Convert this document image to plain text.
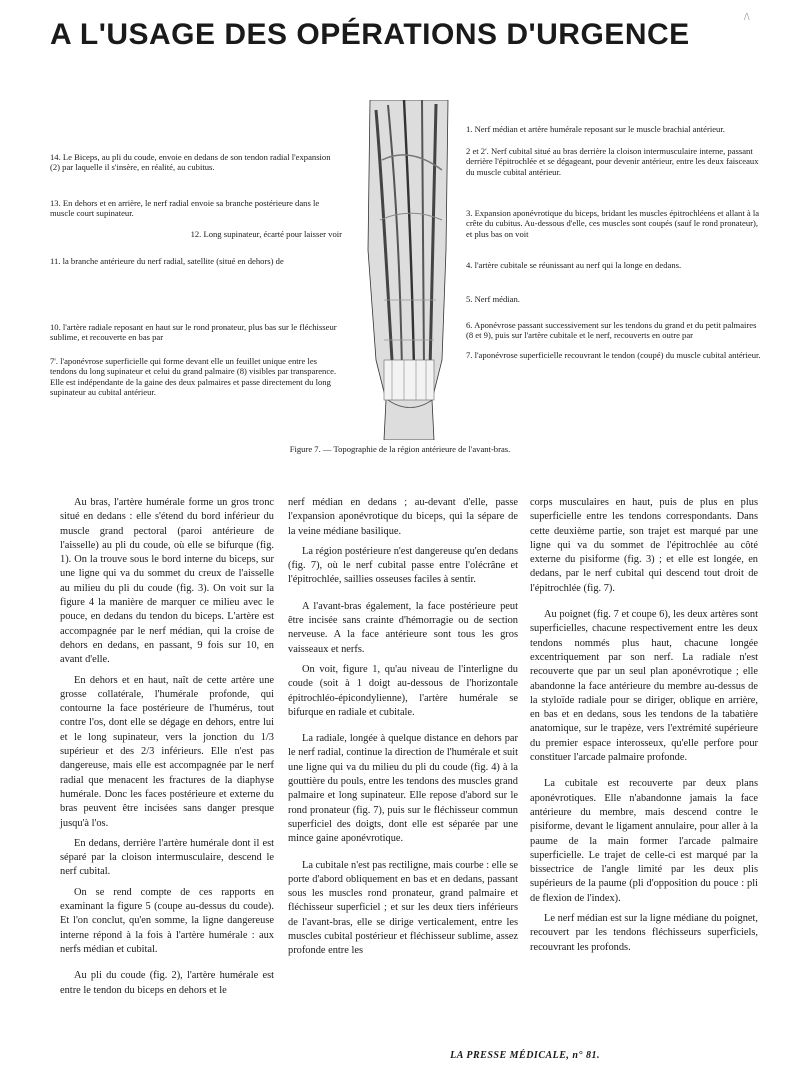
A L'USAGE DES OPÉRATIONS D'URGENCE
/\
14. Le Biceps, au pli du coude, envoie en dedans de son tendon radial l'expansion (2) par laquelle il s'insère, en réalité, au cubitus.
13. En dehors et en arrière, le nerf radial envoie sa branche postérieure dans le muscle court supinateur.
12. Long supinateur, écarté pour laisser voir
11. la branche antérieure du nerf radial, satellite (situé en dehors) de
10. l'artère radiale reposant en haut sur le rond pronateur, plus bas sur le fléchisseur sublime, et recouverte en bas par
7'. l'aponévrose superficielle qui forme devant elle un feuillet unique entre les tendons du long supinateur et celui du grand palmaire (8) visibles par transparence. Elle est indépendante de la gaine des deux palmaires et passe directement du long supinateur au cubital antérieur.
1. Nerf médian et artère humérale reposant sur le muscle brachial antérieur.
2 et 2'. Nerf cubital situé au bras derrière la cloison intermusculaire interne, passant derrière l'épitrochlée et se dégageant, pour devenir antérieur, entre les deux faisceaux du muscle cubital antérieur.
3. Expansion aponévrotique du biceps, bridant les muscles épitrochléens et allant à la crête du cubitus. Au-dessous d'elle, ces muscles sont coupés (sauf le rond pronateur), et plus bas on voit
4. l'artère cubitale se réunissant au nerf qui la longe en dedans.
5. Nerf médian.
6. Aponévrose passant successivement sur les tendons du grand et du petit palmaires (8 et 9), puis sur l'artère cubitale et le nerf, recouverts en outre par
7. l'aponévrose superficielle recouvrant le tendon (coupé) du muscle cubital antérieur.
Figure 7. — Topographie de la région antérieure de l'avant-bras.

Au bras, l'artère humérale forme un gros tronc situé en dedans : elle s'étend du bord inférieur du muscle grand pectoral (paroi antérieure de l'aisselle) au pli du coude, où elle se bifurque (fig. 1). On la trouve sous le bord interne du biceps, sur une ligne qui va du sommet du creux de l'aisselle au milieu du pli du coude (fig. 3). On voit sur la figure 4 la manière de marquer ce milieu avec le pouce, en dedans du tendon du biceps. L'artère est accompagnée par le nerf médian, qui la croise de dehors en dedans, en passant, 9 fois sur 10, en avant d'elle.

En dehors et en haut, naît de cette artère une grosse collatérale, l'humérale profonde, qui contourne la face postérieure de l'humérus, tout contre l'os, dont elle se dégage en dehors, entre lui et le long supinateur, vers la jonction du 1/3 supérieur et des 2/3 inférieurs. Elle n'est pas dangereuse, mais elle est accompagnée par le nerf radial que menacent les fractures de la diaphyse humérale. Donc les faces postérieure et externe du bras peuvent être incisées sans danger presque jusqu'à l'os.

En dedans, derrière l'artère humérale dont il est séparé par la cloison intermusculaire, descend le nerf cubital.

On se rend compte de ces rapports en examinant la figure 5 (coupe au-dessus du coude). Et l'on conclut, qu'en somme, la ligne dangereuse interne répond à la fois à l'artère humérale : aux nerfs médian et cubital.

Au pli du coude (fig. 2), l'artère humérale est entre le tendon du biceps en dehors et le

nerf médian en dedans ; au-devant d'elle, passe l'expansion aponévrotique du biceps, qui la sépare de la veine médiane basilique.

La région postérieure n'est dangereuse qu'en dedans (fig. 7), où le nerf cubital passe entre l'olécrâne et l'épitrochlée, saillies osseuses faciles à sentir.

A l'avant-bras également, la face postérieure peut être incisée sans crainte d'hémorragie ou de section nerveuse. A la face antérieure sont tous les gros vaisseaux et nerfs.

On voit, figure 1, qu'au niveau de l'interligne du coude (soit à 1 doigt au-dessous de l'horizontale épitrochléo-épicondylienne), l'artère humérale se bifurque en radiale et cubitale.

La radiale, longée à quelque distance en dehors par le nerf radial, continue la direction de l'humérale et suit une ligne qui va du milieu du pli du coude (fig. 4) à la gouttière du pouls, entre les tendons des muscles grand palmaire et long supinateur. Elle repose d'abord sur le rond pronateur (fig. 7), puis sur le fléchisseur commun superficiel des doigts, dont elle est séparée par une mince gaine aponévrotique.

La cubitale n'est pas rectiligne, mais courbe : elle se porte d'abord obliquement en bas et en dedans, passant sous les muscles rond pronateur, grand palmaire et fléchisseur superficiel ; et sur les deux tiers inférieurs de l'avant-bras, elle se dirige verticalement, entre les muscles cubital postérieur et fléchisseur sublime, assez profonde entre les

corps musculaires en haut, puis de plus en plus superficielle entre les tendons correspondants. Dans cette deuxième partie, son trajet est marqué par une ligne qui va du sommet de l'épitrochlée au côté externe du pisiforme (fig. 3) ; et elle est longée, en dedans, par le nerf cubital qui descend tout droit de l'épitrochlée (fig. 7).

Au poignet (fig. 7 et coupe 6), les deux artères sont superficielles, chacune respectivement entre les deux tendons nommés plus haut, chacune longée excentriquement par son nerf. La radiale n'est recouverte que par un seul plan aponévrotique ; elle abandonne la face antérieure du membre au-dessus de la styloïde radiale pour se diriger, oblique en arrière, en bas et en dedans, sous les tendons de la tabatière anatomique, sur le trapèze, vers l'extrémité supérieure du premier espace interosseux, qu'elle perfore pour constituer l'arcade palmaire profonde.

La cubitale est recouverte par deux plans aponévrotiques. Elle n'abandonne jamais la face antérieure du membre, mais descend contre le pisiforme, devant le ligament annulaire, pour aller à la paume de la main former l'arcade palmaire superficielle. Le trajet de celle-ci est marqué par la bissectrice de l'angle limité par les deux plis supérieurs de la paume (pli d'opposition du pouce : pli de flexion de l'index).

Le nerf médian est sur la ligne médiane du poignet, recouvert par les tendons fléchisseurs superficiels, recouvrant les profonds.

LA PRESSE MÉDICALE, n° 81.
